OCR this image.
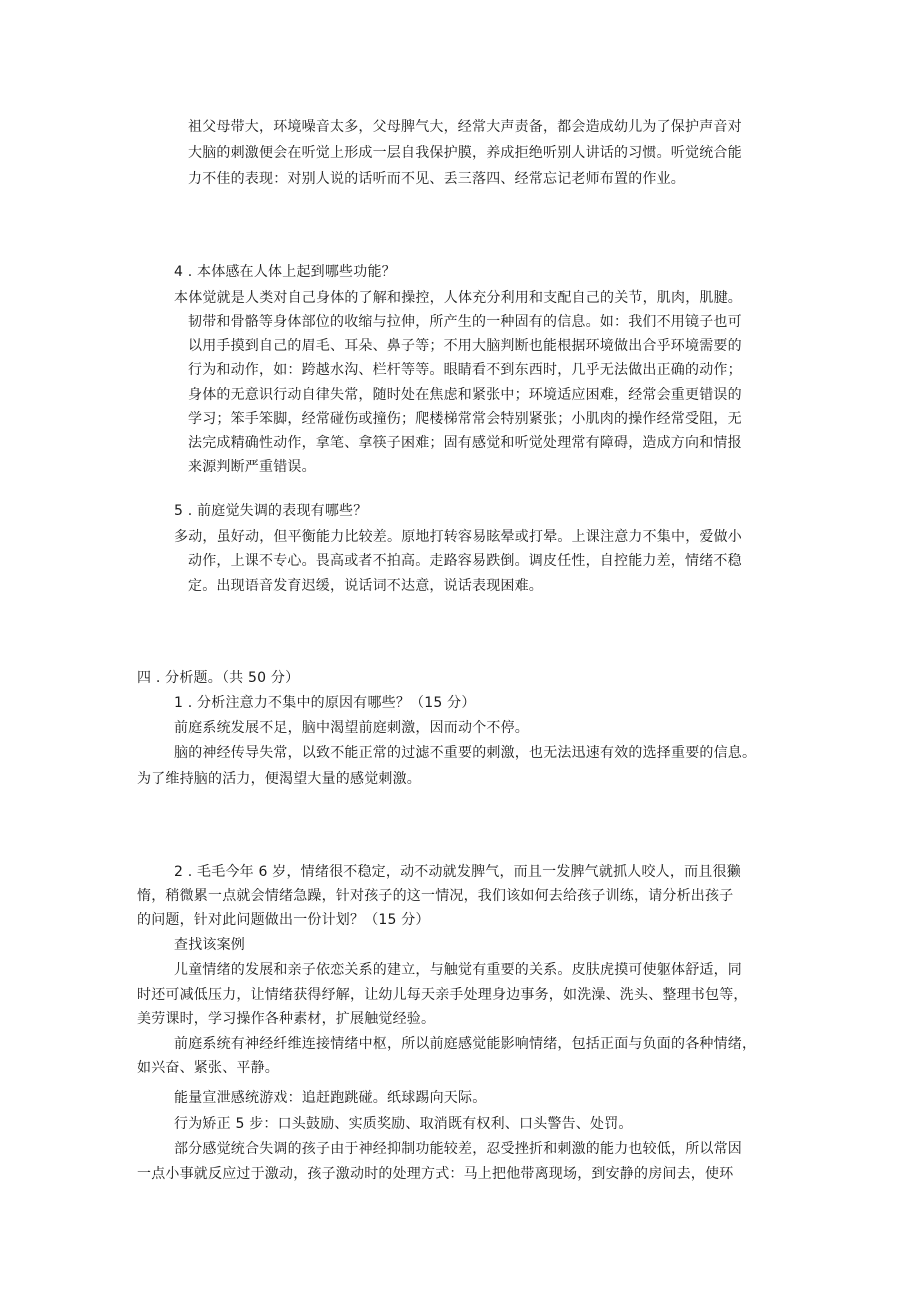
祖父母带大，环境噪音太多，父母脾气大，经常大声责备，都会造成幼儿为了保护声音对
大脑的刺激便会在听觉上形成一层自我保护膜，养成拒绝听别人讲话的习惯。听觉统合能
力不佳的表现：对别人说的话听而不见、丢三落四、经常忘记老师布置的作业。
4 . 本体感在人体上起到哪些功能？
本体觉就是人类对自己身体的了解和操控，人体充分利用和支配自己的关节，肌肉，肌腱。
韧带和骨骼等身体部位的收缩与拉伸，所产生的一种固有的信息。如：我们不用镜子也可
以用手摸到自己的眉毛、耳朵、鼻子等；不用大脑判断也能根据环境做出合乎环境需要的
行为和动作，如：跨越水沟、栏杆等等。眼睛看不到东西时，几乎无法做出正确的动作；
身体的无意识行动自律失常，随时处在焦虑和紧张中；环境适应困难，经常会重更错误的
学习；笨手笨脚，经常碰伤或撞伤；爬楼梯常常会特别紧张；小肌肉的操作经常受阻，无
法完成精确性动作，拿笔、拿筷子困难；固有感觉和听觉处理常有障碍，造成方向和情报
来源判断严重错误。
5 . 前庭觉失调的表现有哪些？
多动，虽好动，但平衡能力比较差。原地打转容易眩晕或打晕。上课注意力不集中，爱做小
动作，上课不专心。畏高或者不拍高。走路容易跌倒。调皮任性，自控能力差，情绪不稳
定。出现语音发育迟缓，说话词不达意，说话表现困难。
四 . 分析题。（共 50 分）
1 . 分析注意力不集中的原因有哪些？（15 分）
前庭系统发展不足，脑中渴望前庭刺激，因而动个不停。
脑的神经传导失常，以致不能正常的过滤不重要的刺激，也无法迅速有效的选择重要的信息。
为了维持脑的活力，便渴望大量的感觉刺激。
2 . 毛毛今年 6 岁，情绪很不稳定，动不动就发脾气，而且一发脾气就抓人咬人，而且很獭
惰，稍微累一点就会情绪急躁，针对孩子的这一情况，我们该如何去给孩子训练，请分析出孩子
的问题，针对此问题做出一份计划？（15 分）
查找该案例
儿童情绪的发展和亲子依恋关系的建立，与触觉有重要的关系。皮肤虎摸可使躯体舒适，同
时还可减低压力，让情绪获得纾解，让幼儿每天亲手处理身边事务，如洗澡、洗头、整理书包等，
美劳课时，学习操作各种素材，扩展触觉经验。
前庭系统有神经纤维连接情绪中枢，所以前庭感觉能影响情绪，包括正面与负面的各种情绪，
如兴奋、紧张、平静。
能量宣泄感统游戏：追赶跑跳碰。纸球踢向天际。
行为矫正 5 步：口头鼓励、实质奖励、取消既有权利、口头警告、处罚。
部分感觉统合失调的孩子由于神经抑制功能较差，忍受挫折和刺激的能力也较低，所以常因
一点小事就反应过于激动，孩子激动时的处理方式：马上把他带离现场，到安静的房间去，使环
